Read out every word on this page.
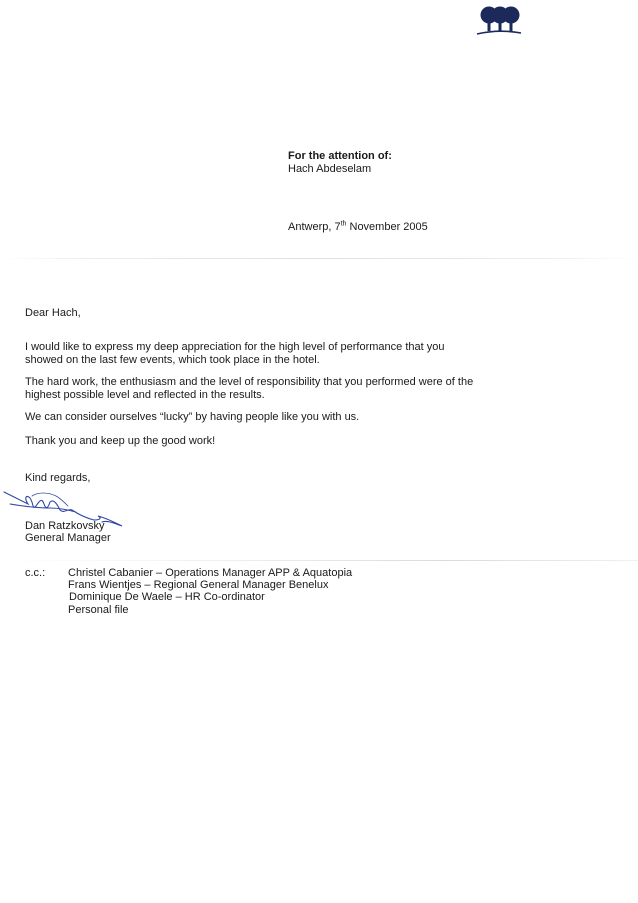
For the attention of:
Hach Abdeselam
Antwerp, 7th November 2005
Dear Hach,
I would like to express my deep appreciation for the high level of performance that you showed on the last few events, which took place in the hotel.
The hard work, the enthusiasm and the level of responsibility that you performed were of the highest possible level and reflected in the results.
We can consider ourselves “lucky” by having people like you with us.
Thank you and keep up the good work!
Kind regards,
Dan Ratzkovsky
General Manager
c.c.: Christel Cabanier – Operations Manager APP & Aquatopia
Frans Wientjes – Regional General Manager Benelux
Dominique De Waele – HR Co-ordinator
Personal file
